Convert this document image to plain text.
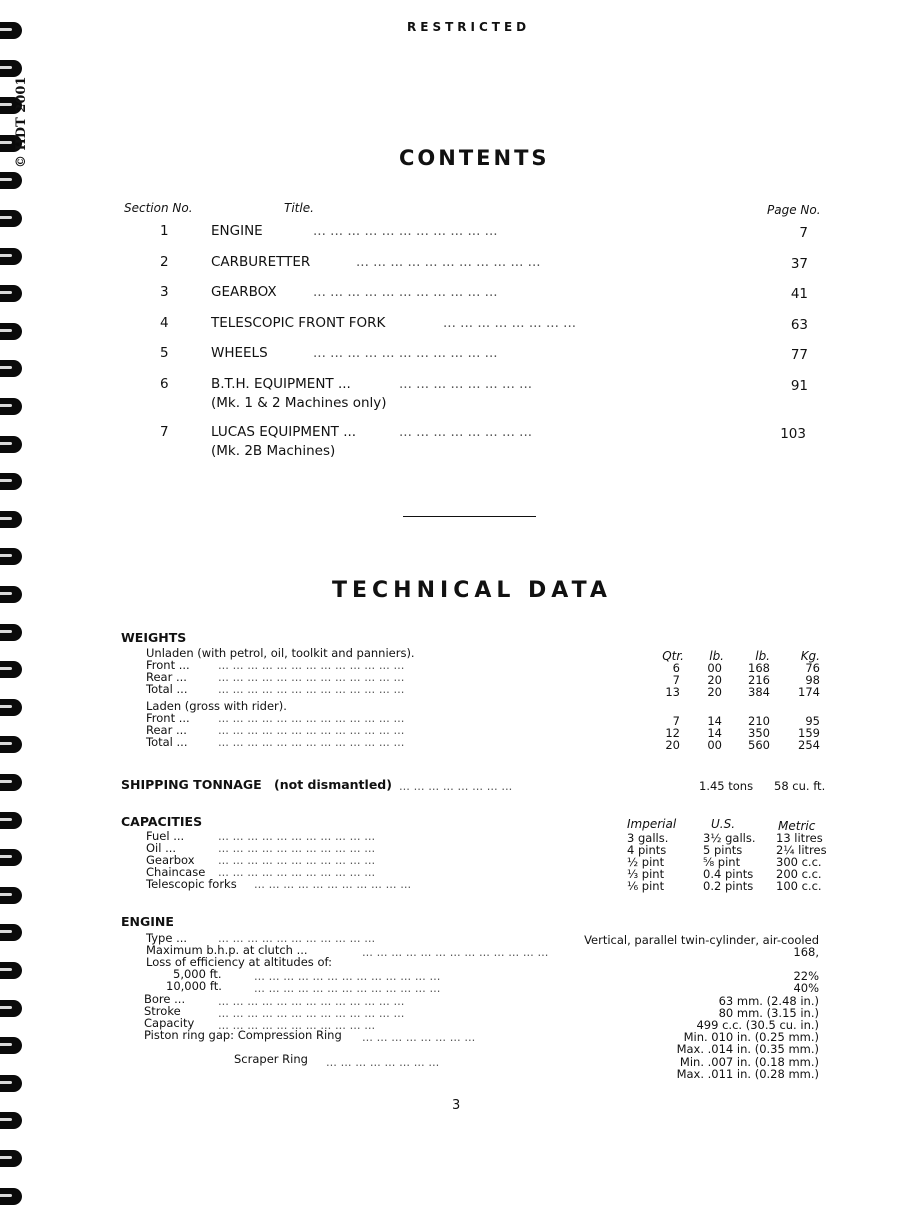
© HDT 2001
RESTRICTED
CONTENTS
Section No.	Title.	Page No.
1	ENGINE	... ... ... ... ... ... ... ... ... ... ...	7
2	CARBURETTER	... ... ... ... ... ... ... ... ... ... ...	37
3	GEARBOX	... ... ... ... ... ... ... ... ... ... ...	41
4	TELESCOPIC FRONT FORK	... ... ... ... ... ... ... ...	63
5	WHEELS	... ... ... ... ... ... ... ... ... ... ...	77
6	B.T.H. EQUIPMENT ...	... ... ... ... ... ... ... ...	91
(Mk. 1 & 2 Machines only)
7	LUCAS EQUIPMENT ...	... ... ... ... ... ... ... ...	103
(Mk. 2B Machines)
TECHNICAL DATA
WEIGHTS
Unladen (with petrol, oil, toolkit and panniers).	Qtr.	lb.	lb.	Kg.
Front ... ... ... ... ... ... ... ... ... ... ... ... ... ...	6	00	168	76
Rear ...	... ... ... ... ... ... ... ... ... ... ... ... ...	7	20	216	98
Total ...	... ... ... ... ... ... ... ... ... ... ... ... ...	13	20	384	174
Laden (gross with rider).
Front ... ... ... ... ... ... ... ... ... ... ... ... ... ...	7	14	210	95
Rear ...	... ... ... ... ... ... ... ... ... ... ... ... ...	12	14	350	159
Total ...	... ... ... ... ... ... ... ... ... ... ... ... ...	20	00	560	254
SHIPPING TONNAGE (not dismantled) ... ... ... ... ... ... ... ...	1.45 tons 58 cu. ft.
CAPACITIES	Imperial	U.S.	Metric
Fuel ...	... ... ... ... ... ... ... ... ... ... ...	3 galls.	3½ galls. 13 litres
Oil ...	... ... ... ... ... ... ... ... ... ... ...	4 pints	5 pints	2¼ litres
Gearbox ... ... ... ... ... ... ... ... ... ... ...	½ pint	⅝ pint	300 c.c.
Chaincase ... ... ... ... ... ... ... ... ... ... ...	⅓ pint	0.4 pints 200 c.c.
Telescopic forks ... ... ... ... ... ... ... ... ... ... ...	⅙ pint	0.2 pints 100 c.c.
ENGINE
Type ...	... ... ... ... ... ... ... ... ... ... ...	Vertical, parallel twin-cylinder, air-cooled
Maximum b.h.p. at clutch ...	... ... ... ... ... ... ... ... ... ... ... ... ...	168,
Loss of efficiency at altitudes of:
5,000 ft.	... ... ... ... ... ... ... ... ... ... ... ... ...	22%
10,000 ft.	... ... ... ... ... ... ... ... ... ... ... ... ...	40%
Bore ...	... ... ... ... ... ... ... ... ... ... ... ... ...	63 mm. (2.48 in.)
Stroke	... ... ... ... ... ... ... ... ... ... ... ... ...	80 mm. (3.15 in.)
Capacity ... ... ... ... ... ... ... ... ... ... ...	499 c.c. (30.5 cu. in.)
Piston ring gap: Compression Ring ... ... ... ... ... ... ... ...	Min. 010 in. (0.25 mm.)
Max. .014 in. (0.35 mm.)
Scraper Ring ... ... ... ... ... ... ... ...	Min. .007 in. (0.18 mm.)
Max. .011 in. (0.28 mm.)
3
